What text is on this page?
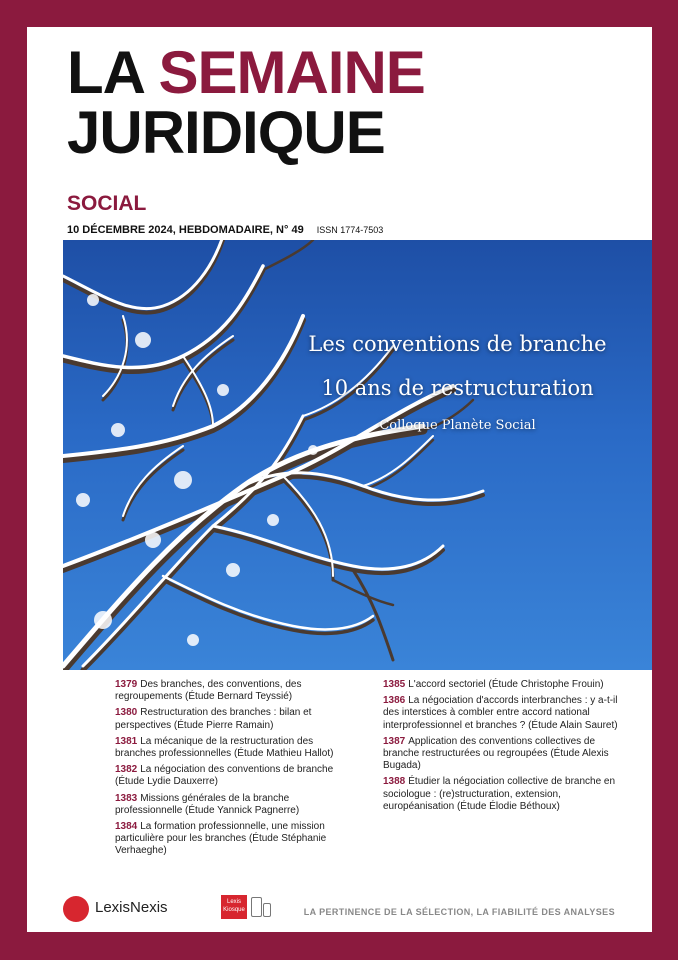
LA SEMAINE
JURIDIQUE
SOCIAL
10 DÉCEMBRE 2024, HEBDOMADAIRE, N° 49 ISSN 1774-7503
Les conventions de branche
10 ans de restructuration
Colloque Planète Social
1379 Des branches, des conventions, des regroupements (Étude Bernard Teyssié)
1380 Restructuration des branches : bilan et perspectives (Étude Pierre Ramain)
1381 La mécanique de la restructuration des branches professionnelles (Étude Mathieu Hallot)
1382 La négociation des conventions de branche (Étude Lydie Dauxerre)
1383 Missions générales de la branche professionnelle (Étude Yannick Pagnerre)
1384 La formation professionnelle, une mission particulière pour les branches (Étude Stéphanie Verhaeghe)
1385 L'accord sectoriel (Étude Christophe Frouin)
1386 La négociation d'accords interbranches : y a-t-il des interstices à combler entre accord national interprofessionnel et branches ? (Étude Alain Sauret)
1387 Application des conventions collectives de branche restructurées ou regroupées (Étude Alexis Bugada)
1388 Étudier la négociation collective de branche en sociologue : (re)structuration, extension, européanisation (Étude Élodie Béthoux)
LexisNexis	Lexis
Kiosque	LA PERTINENCE DE LA SÉLECTION, LA FIABILITÉ DES ANALYSES
